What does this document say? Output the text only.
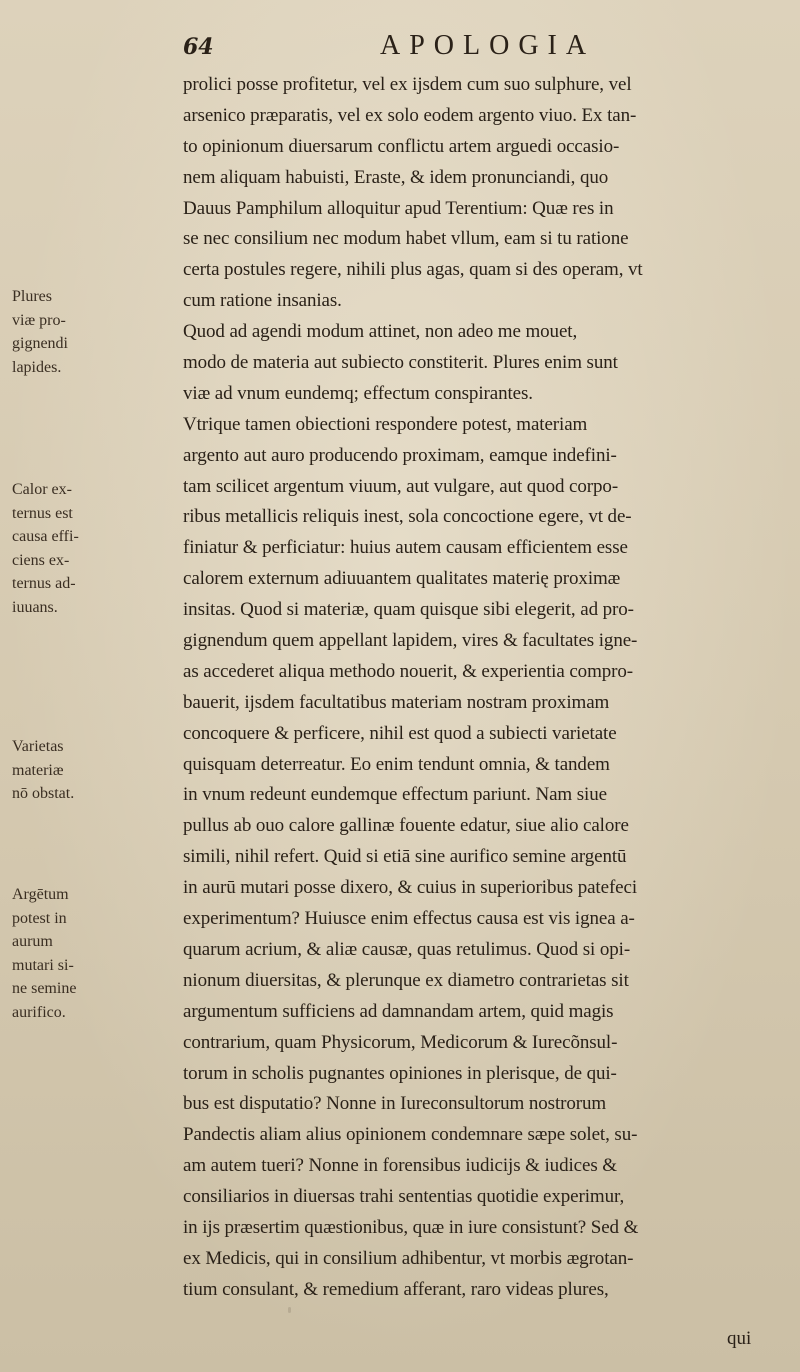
64	APOLOGIA
prolici posse profitetur, vel ex ijsdem cum suo sulphure, vel
arsenico præparatis, vel ex solo eodem argento viuo. Ex tan-
to opinionum diuersarum conflictu artem arguedi occasio-
nem aliquam habuisti, Eraste, & idem pronunciandi, quo
Dauus Pamphilum alloquitur apud Terentium: Quæ res in
se nec consilium nec modum habet vllum, eam si tu ratione
certa postules regere, nihili plus agas, quam si des operam, vt
cum ratione insanias.
Quod ad agendi modum attinet, non adeo me mouet,
modo de materia aut subiecto constiterit. Plures enim sunt
viæ ad vnum eundemq; effectum conspirantes.
Vtrique tamen obiectioni respondere potest, materiam
argento aut auro producendo proximam, eamque indefini-
tam scilicet argentum viuum, aut vulgare, aut quod corpo-
ribus metallicis reliquis inest, sola concoctione egere, vt de-
finiatur & perficiatur: huius autem causam efficientem esse
calorem externum adiuuantem qualitates materię proximæ
insitas. Quod si materiæ, quam quisque sibi elegerit, ad pro-
gignendum quem appellant lapidem, vires & facultates igne-
as accederet aliqua methodo nouerit, & experientia compro-
bauerit, ijsdem facultatibus materiam nostram proximam
concoquere & perficere, nihil est quod a subiecti varietate
quisquam deterreatur. Eo enim tendunt omnia, & tandem
in vnum redeunt eundemque effectum pariunt. Nam siue
pullus ab ouo calore gallinæ fouente edatur, siue alio calore
simili, nihil refert. Quid si etiā sine aurifico semine argentū
in aurū mutari posse dixero, & cuius in superioribus patefeci
experimentum? Huiusce enim effectus causa est vis ignea a-
quarum acrium, & aliæ causæ, quas retulimus. Quod si opi-
nionum diuersitas, & plerunque ex diametro contrarietas sit
argumentum sufficiens ad damnandam artem, quid magis
contrarium, quam Physicorum, Medicorum & Iurecõnsul-
torum in scholis pugnantes opiniones in plerisque, de qui-
bus est disputatio? Nonne in Iureconsultorum nostrorum
Pandectis aliam alius opinionem condemnare sæpe solet, su-
am autem tueri? Nonne in forensibus iudicijs & iudices &
consiliarios in diuersas trahi sententias quotidie experimur,
in ijs præsertim quæstionibus, quæ in iure consistunt? Sed &
ex Medicis, qui in consilium adhibentur, vt morbis ægrotan-
tium consulant, & remedium afferant, raro videas plures,
Plures
viæ pro-
gignendi
lapides.
Calor ex-
ternus est
causa effi-
ciens ex-
ternus ad-
iuuans.
Varietas
materiæ
nō obstat.
Argētum
potest in
aurum
mutari si-
ne semine
aurifico.
qui
